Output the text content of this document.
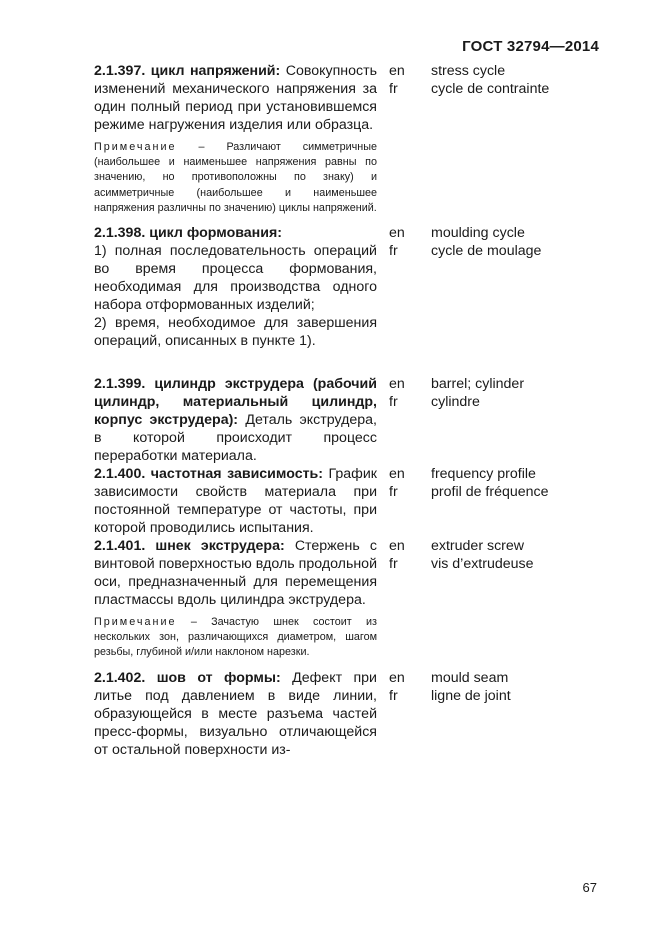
ГОСТ 32794—2014

2.1.397. цикл напряжений: Совокупность изменений механического напряжения за один полный период при установившемся режиме нагружения изделия или образца.

Примечание – Различают симметричные (наибольшее и наименьшее напряжения равны по значению, но противоположны по знаку) и асимметричные (наибольшее и наименьшее напряжения различны по значению) циклы напряжений.
en
fr
stress cycle
cycle de contrainte

2.1.398. цикл формования:

1) полная последовательность операций во время процесса формования, необходимая для производства одного набора отформованных изделий;

2) время, необходимое для завершения операций, описанных в пункте 1).

en
fr
moulding cycle
cycle de moulage

2.1.399. цилиндр экструдера (рабочий цилиндр, материальный цилиндр, корпус экструдера): Деталь экструдера, в которой происходит процесс переработки материала.

en
fr
barrel; cylinder
cylindre

2.1.400. частотная зависимость: График зависимости свойств материала при постоянной температуре от частоты, при которой проводились испытания.

en
fr
frequency profile
profil de fréquence

2.1.401. шнек экструдера: Стержень с винтовой поверхностью вдоль продольной оси, предназначенный для перемещения пластмассы вдоль цилиндра экструдера.

Примечание – Зачастую шнек состоит из нескольких зон, различающихся диаметром, шагом резьбы, глубиной и/или наклоном нарезки.
en
fr
extruder screw
vis d’extrudeuse

2.1.402. шов от формы: Дефект при литье под давлением в виде линии, образующейся в месте разъема частей пресс-формы, визуально отличающейся от остальной поверхности из-

en
fr
mould seam
ligne de joint
67
